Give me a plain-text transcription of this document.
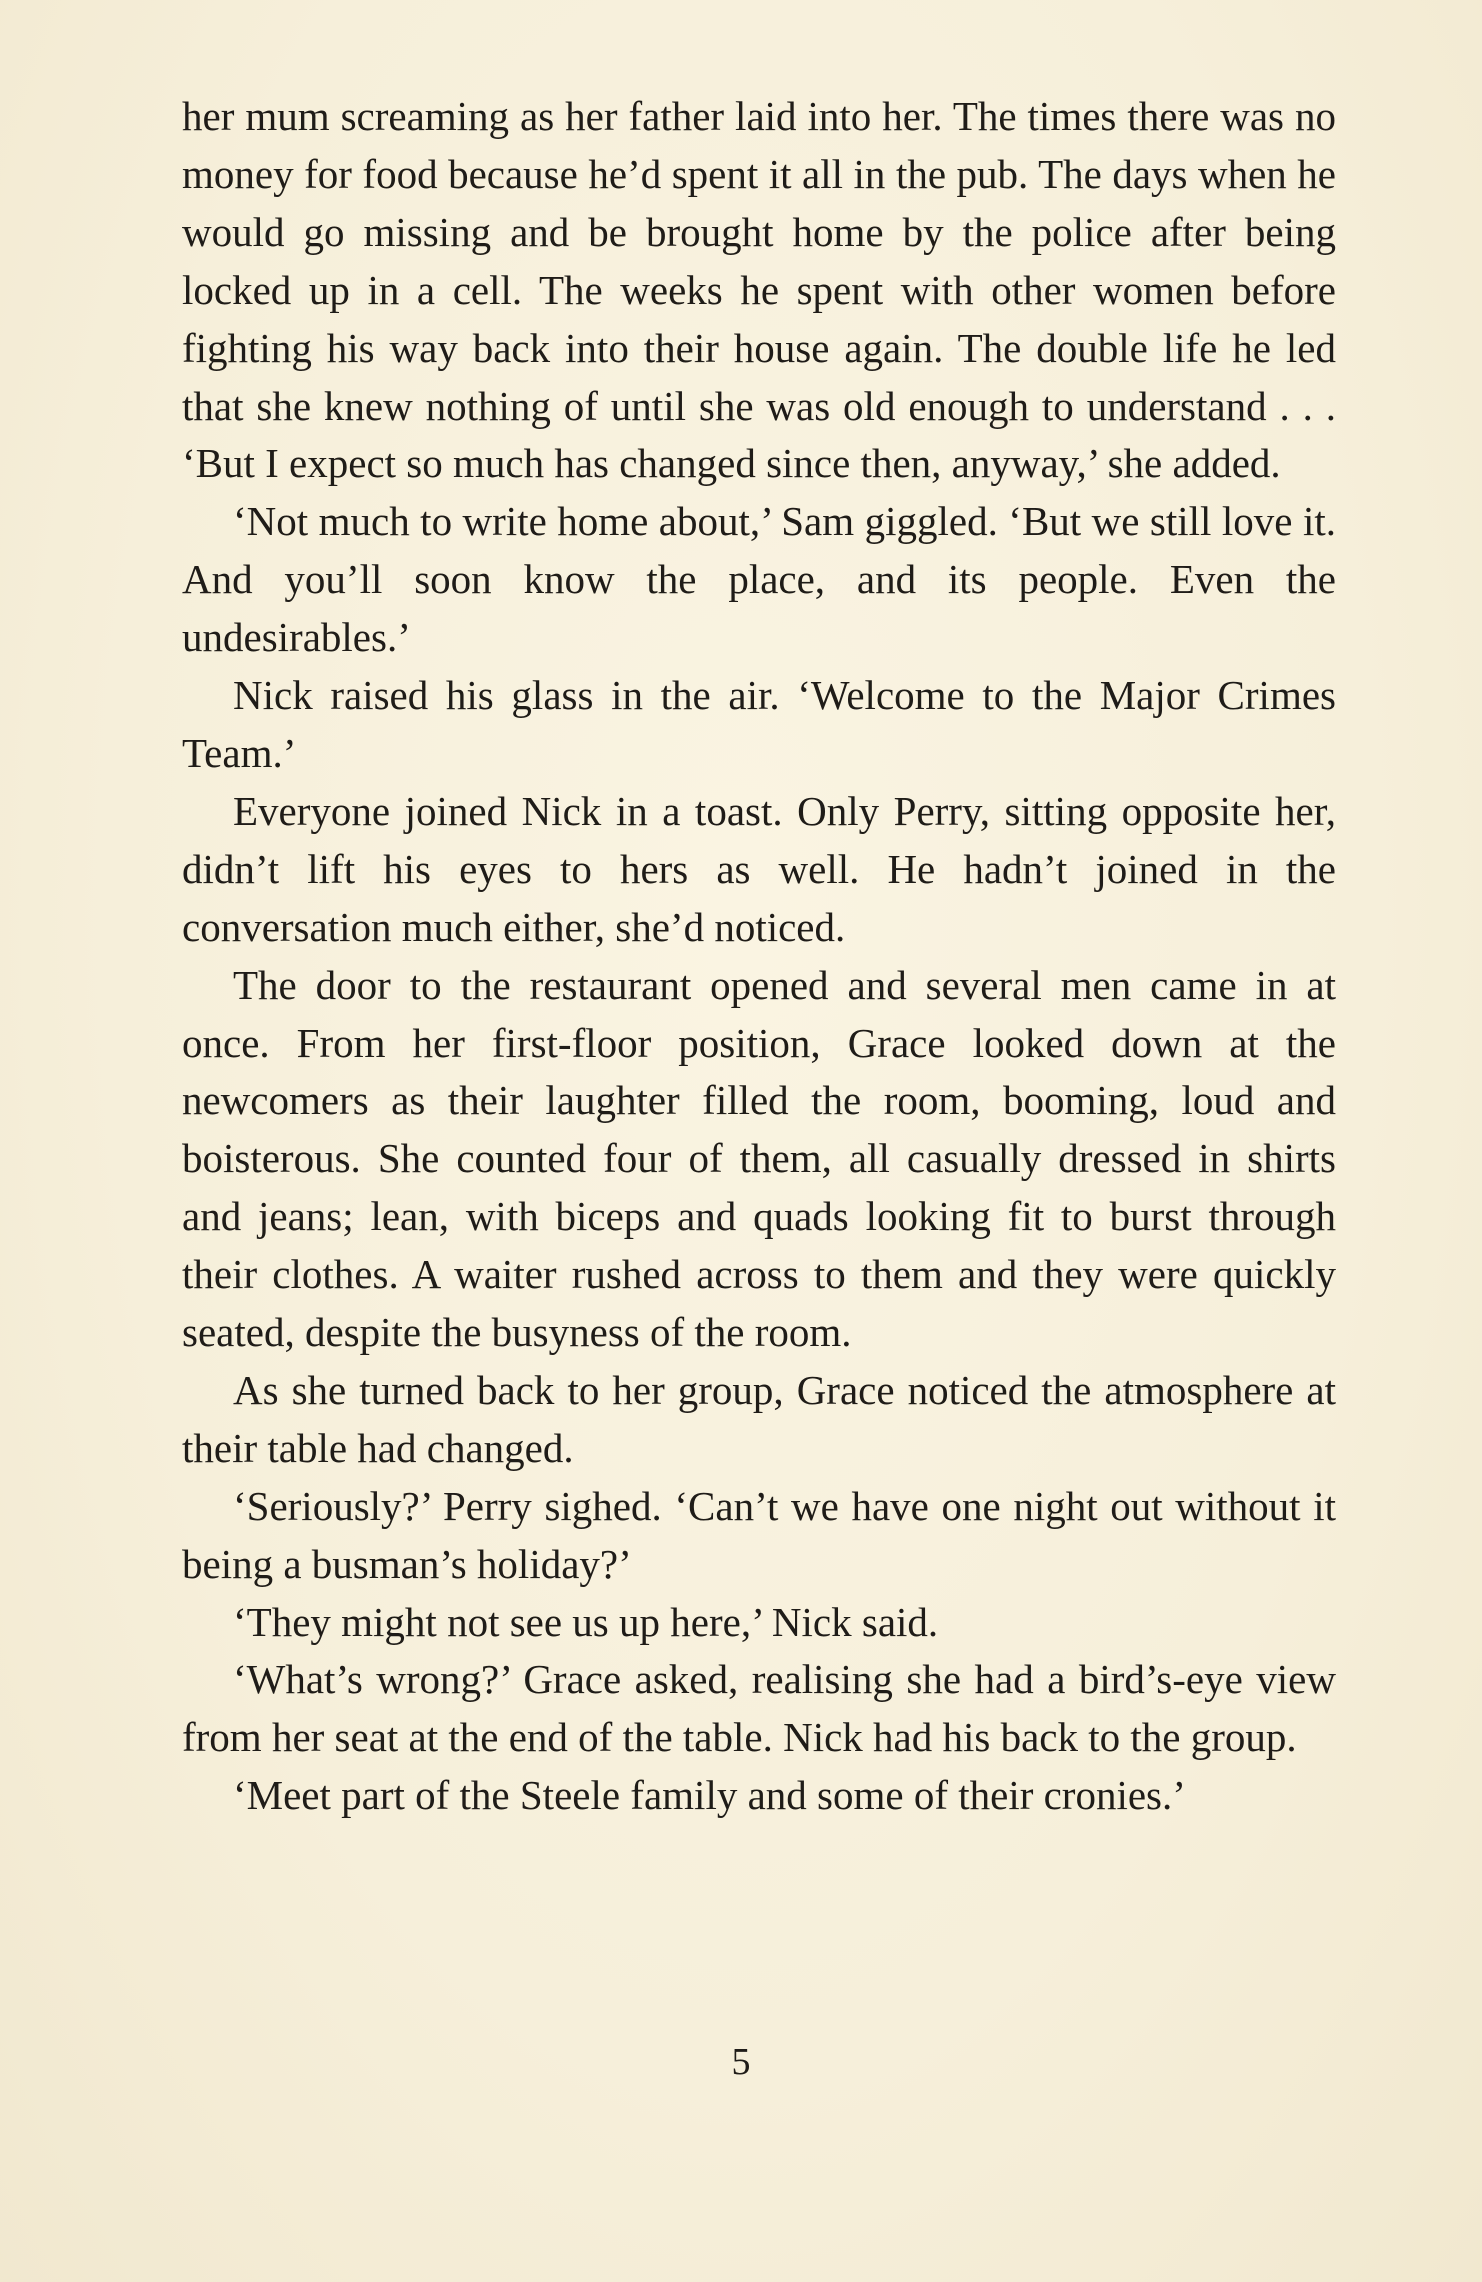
her mum screaming as her father laid into her. The times there was no money for food because he’d spent it all in the pub. The days when he would go missing and be brought home by the police after being locked up in a cell. The weeks he spent with other women before fighting his way back into their house again. The double life he led that she knew nothing of until she was old enough to understand . . . ‘But I expect so much has changed since then, anyway,’ she added.

‘Not much to write home about,’ Sam giggled. ‘But we still love it. And you’ll soon know the place, and its people. Even the undesirables.’

Nick raised his glass in the air. ‘Welcome to the Major Crimes Team.’

Everyone joined Nick in a toast. Only Perry, sitting opposite her, didn’t lift his eyes to hers as well. He hadn’t joined in the conversation much either, she’d noticed.

The door to the restaurant opened and several men came in at once. From her first-floor position, Grace looked down at the newcomers as their laughter filled the room, booming, loud and boisterous. She counted four of them, all casually dressed in shirts and jeans; lean, with biceps and quads looking fit to burst through their clothes. A waiter rushed across to them and they were quickly seated, despite the busyness of the room.

As she turned back to her group, Grace noticed the atmosphere at their table had changed.

‘Seriously?’ Perry sighed. ‘Can’t we have one night out without it being a busman’s holiday?’

‘They might not see us up here,’ Nick said.

‘What’s wrong?’ Grace asked, realising she had a bird’s-eye view from her seat at the end of the table. Nick had his back to the group.

‘Meet part of the Steele family and some of their cronies.’

5
